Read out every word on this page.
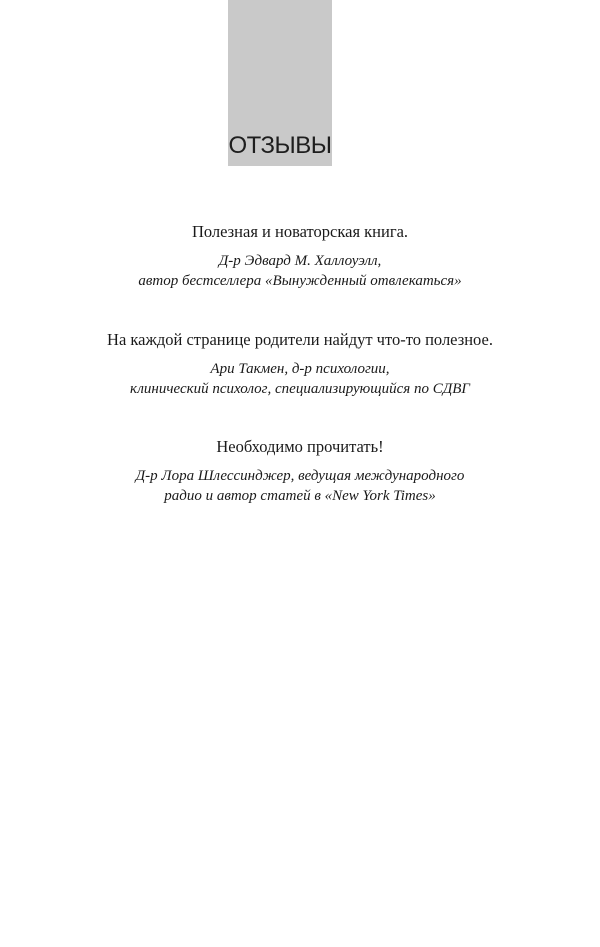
ОТЗЫВЫ

Полезная и новаторская книга.

Д-р Эдвард М. Халлоуэлл,

автор бестселлера «Вынужденный отвлекаться»

На каждой странице родители найдут что-то полезное.

Ари Такмен, д-р психологии,

клинический психолог, специализирующийся по СДВГ

Необходимо прочитать!

Д-р Лора Шлессинджер, ведущая международного

радио и автор статей в «New York Times»
